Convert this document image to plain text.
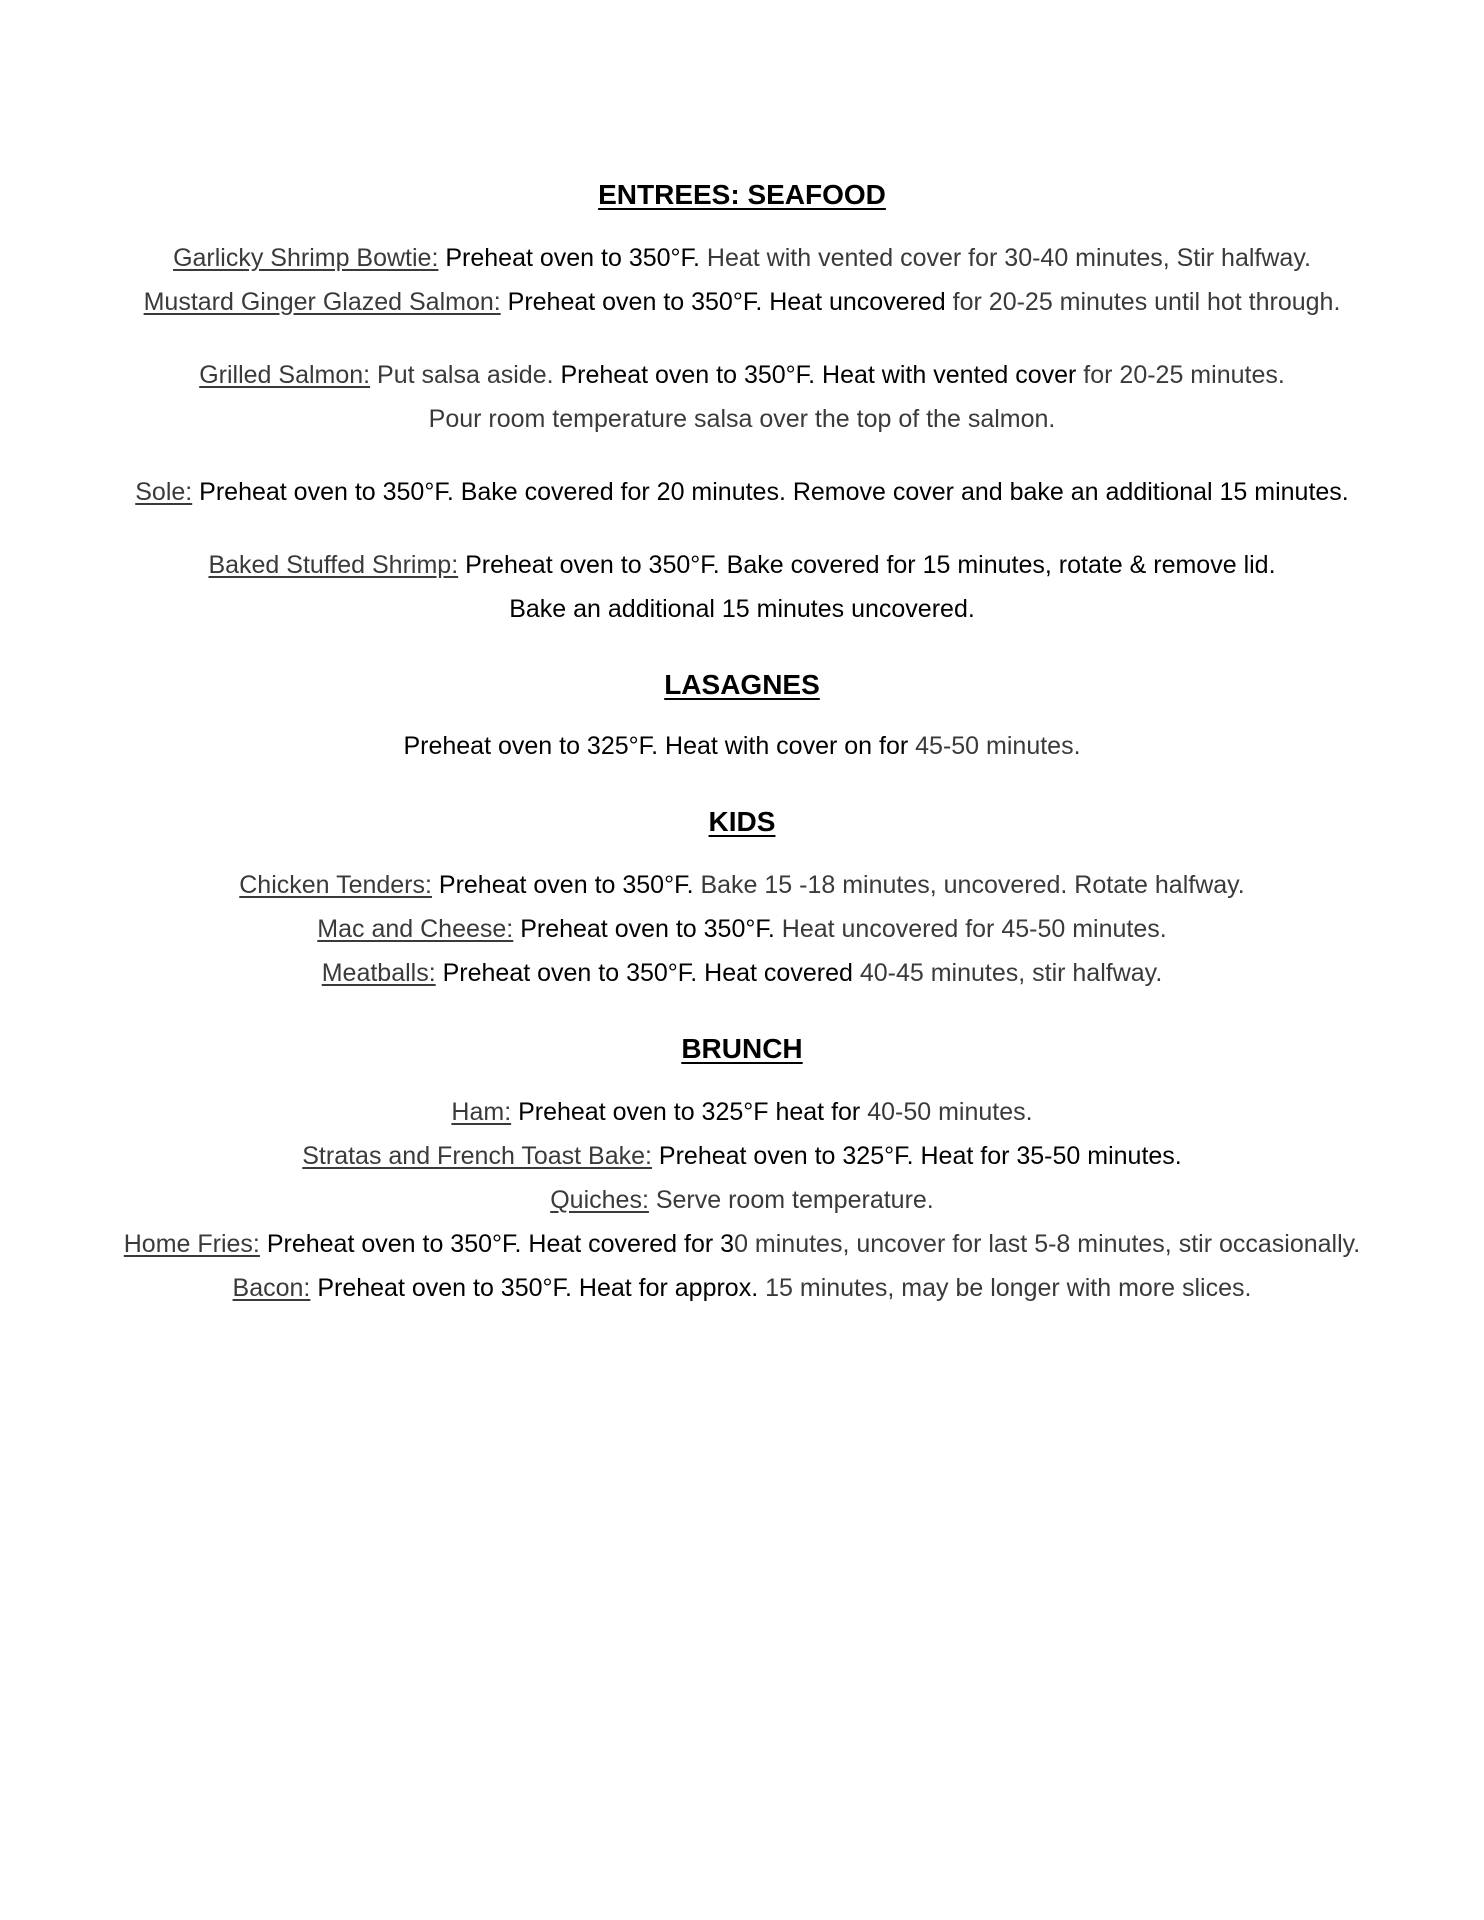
ENTREES: SEAFOOD
Garlicky Shrimp Bowtie: Preheat oven to 350°F. Heat with vented cover for 30-40 minutes, Stir halfway.
Mustard Ginger Glazed Salmon: Preheat oven to 350°F. Heat uncovered for 20-25 minutes until hot through.
Grilled Salmon: Put salsa aside. Preheat oven to 350°F. Heat with vented cover for 20-25 minutes.
Pour room temperature salsa over the top of the salmon.
Sole: Preheat oven to 350°F. Bake covered for 20 minutes. Remove cover and bake an additional 15 minutes.
Baked Stuffed Shrimp: Preheat oven to 350°F. Bake covered for 15 minutes, rotate & remove lid.
Bake an additional 15 minutes uncovered.
LASAGNES
Preheat oven to 325°F. Heat with cover on for 45-50 minutes.
KIDS
Chicken Tenders: Preheat oven to 350°F. Bake 15 -18 minutes, uncovered. Rotate halfway.
Mac and Cheese: Preheat oven to 350°F. Heat uncovered for 45-50 minutes.
Meatballs: Preheat oven to 350°F. Heat covered 40-45 minutes, stir halfway.
BRUNCH
Ham: Preheat oven to 325°F heat for 40-50 minutes.
Stratas and French Toast Bake: Preheat oven to 325°F. Heat for 35-50 minutes.
Quiches: Serve room temperature.
Home Fries: Preheat oven to 350°F. Heat covered for 30 minutes, uncover for last 5-8 minutes, stir occasionally.
Bacon: Preheat oven to 350°F. Heat for approx. 15 minutes, may be longer with more slices.
